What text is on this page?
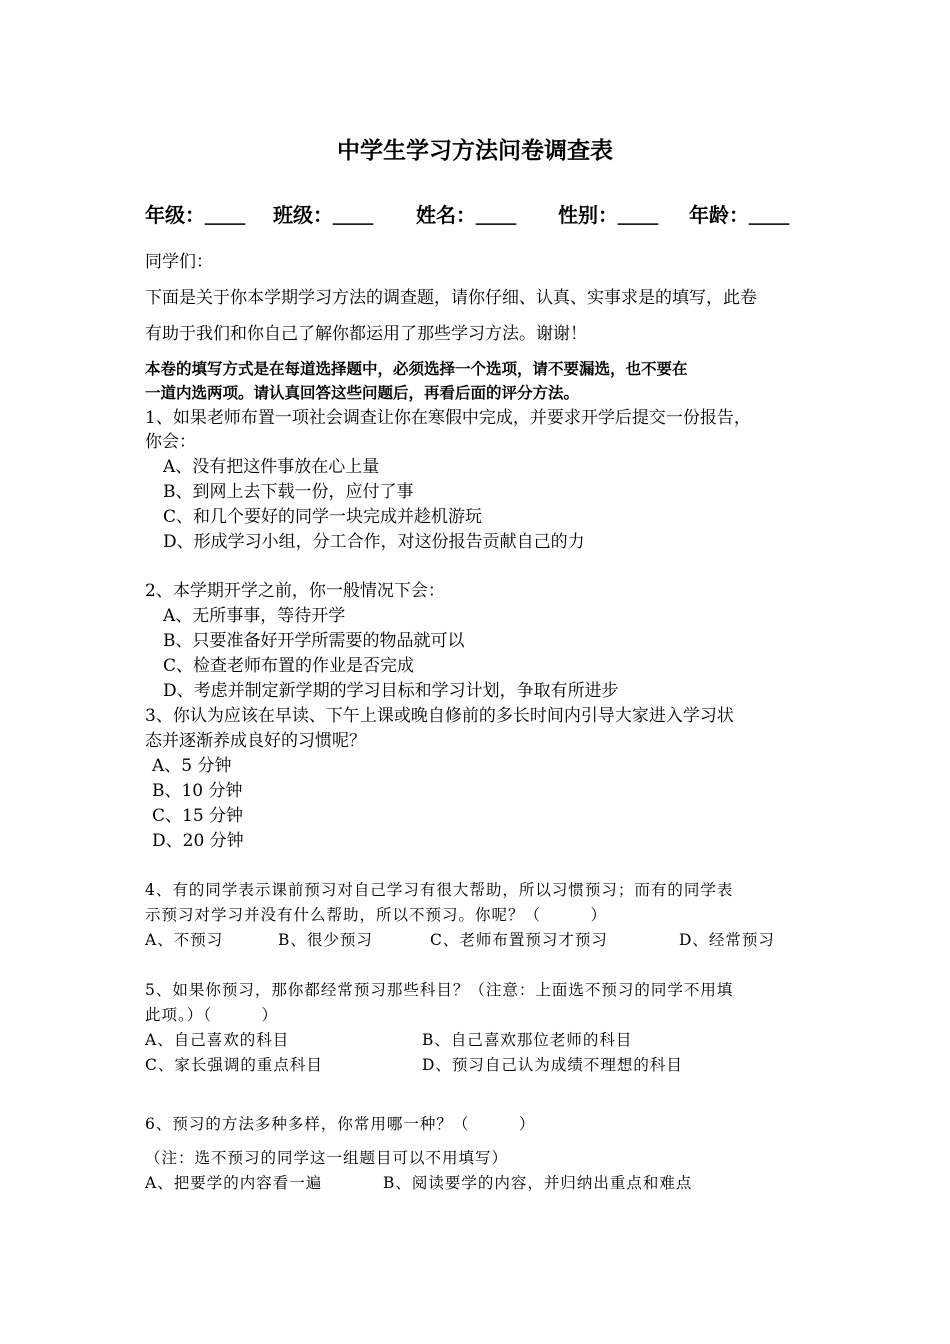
中学生学习方法问卷调查表
年级：＿＿ 班级：＿＿ 姓名：＿＿ 性别：＿＿ 年龄：＿＿
同学们：
下面是关于你本学期学习方法的调查题，请你仔细、认真、实事求是的填写，此卷
有助于我们和你自己了解你都运用了那些学习方法。谢谢！
本卷的填写方式是在每道选择题中，必须选择一个选项，请不要漏选，也不要在
一道内选两项。请认真回答这些问题后，再看后面的评分方法。
1、如果老师布置一项社会调查让你在寒假中完成，并要求开学后提交一份报告，
你会：
A、没有把这件事放在心上量
B、到网上去下载一份，应付了事
C、和几个要好的同学一块完成并趁机游玩
D、形成学习小组，分工合作，对这份报告贡献自己的力
2、本学期开学之前，你一般情况下会：
A、无所事事，等待开学
B、只要准备好开学所需要的物品就可以
C、检查老师布置的作业是否完成
D、考虑并制定新学期的学习目标和学习计划，争取有所进步
3、你认为应该在早读、下午上课或晚自修前的多长时间内引导大家进入学习状
态并逐渐养成良好的习惯呢？
A、5 分钟
B、10 分钟
C、15 分钟
D、20 分钟
4、有的同学表示课前预习对自己学习有很大帮助，所以习惯预习；而有的同学表
示预习对学习并没有什么帮助，所以不预习。你呢？（　　　）
A、不预习	B、很少预习	C、老师布置预习才预习	D、经常预习
5、如果你预习，那你都经常预习那些科目？（注意：上面选不预习的同学不用填
此项。）（　　　）
A、自己喜欢的科目	B、自己喜欢那位老师的科目
C、家长强调的重点科目	D、预习自己认为成绩不理想的科目
6、预习的方法多种多样，你常用哪一种？（　　　）
（注：选不预习的同学这一组题目可以不用填写）
A、把要学的内容看一遍	B、阅读要学的内容，并归纳出重点和难点
